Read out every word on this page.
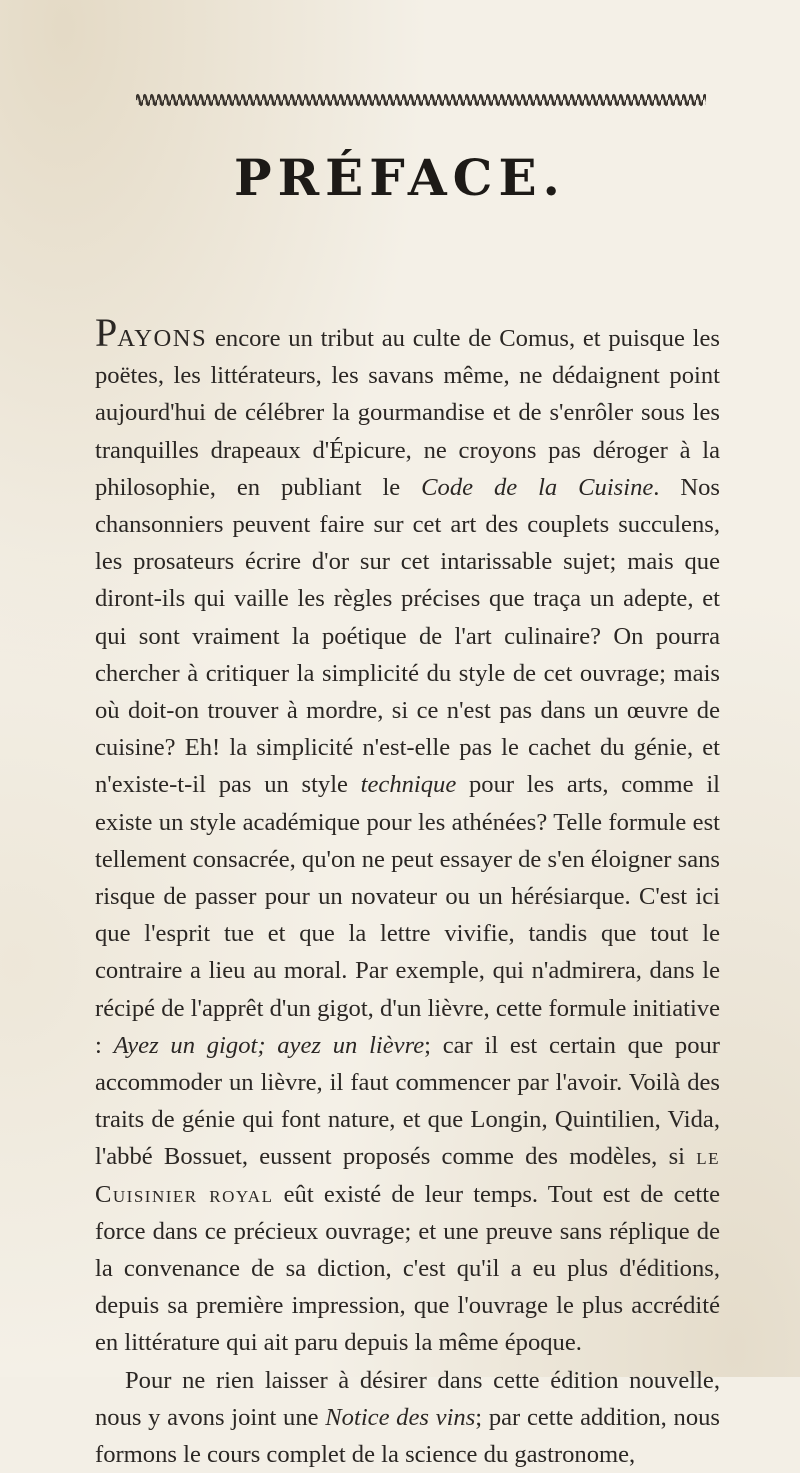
PRÉFACE.

PAYONS encore un tribut au culte de Comus, et puisque les poëtes, les littérateurs, les savans même, ne dédaignent point aujourd'hui de célébrer la gourmandise et de s'enrôler sous les tranquilles drapeaux d'Épicure, ne croyons pas déroger à la philosophie, en publiant le Code de la Cuisine. Nos chansonniers peuvent faire sur cet art des couplets succulens, les prosateurs écrire d'or sur cet intarissable sujet; mais que diront-ils qui vaille les règles précises que traça un adepte, et qui sont vraiment la poétique de l'art culinaire? On pourra chercher à critiquer la simplicité du style de cet ouvrage; mais où doit-on trouver à mordre, si ce n'est pas dans un œuvre de cuisine? Eh! la simplicité n'est-elle pas le cachet du génie, et n'existe-t-il pas un style technique pour les arts, comme il existe un style académique pour les athénées? Telle formule est tellement consacrée, qu'on ne peut essayer de s'en éloigner sans risque de passer pour un novateur ou un hérésiarque. C'est ici que l'esprit tue et que la lettre vivifie, tandis que tout le contraire a lieu au moral. Par exemple, qui n'admirera, dans le récipé de l'apprêt d'un gigot, d'un lièvre, cette formule initiative : Ayez un gigot; ayez un lièvre; car il est certain que pour accommoder un lièvre, il faut commencer par l'avoir. Voilà des traits de génie qui font nature, et que Longin, Quintilien, Vida, l'abbé Bossuet, eussent proposés comme des modèles, si le Cuisinier royal eût existé de leur temps. Tout est de cette force dans ce précieux ouvrage; et une preuve sans réplique de la convenance de sa diction, c'est qu'il a eu plus d'éditions, depuis sa première impression, que l'ouvrage le plus accrédité en littérature qui ait paru depuis la même époque.

Pour ne rien laisser à désirer dans cette édition nouvelle, nous y avons joint une Notice des vins; par cette addition, nous formons le cours complet de la science du gastronome,
